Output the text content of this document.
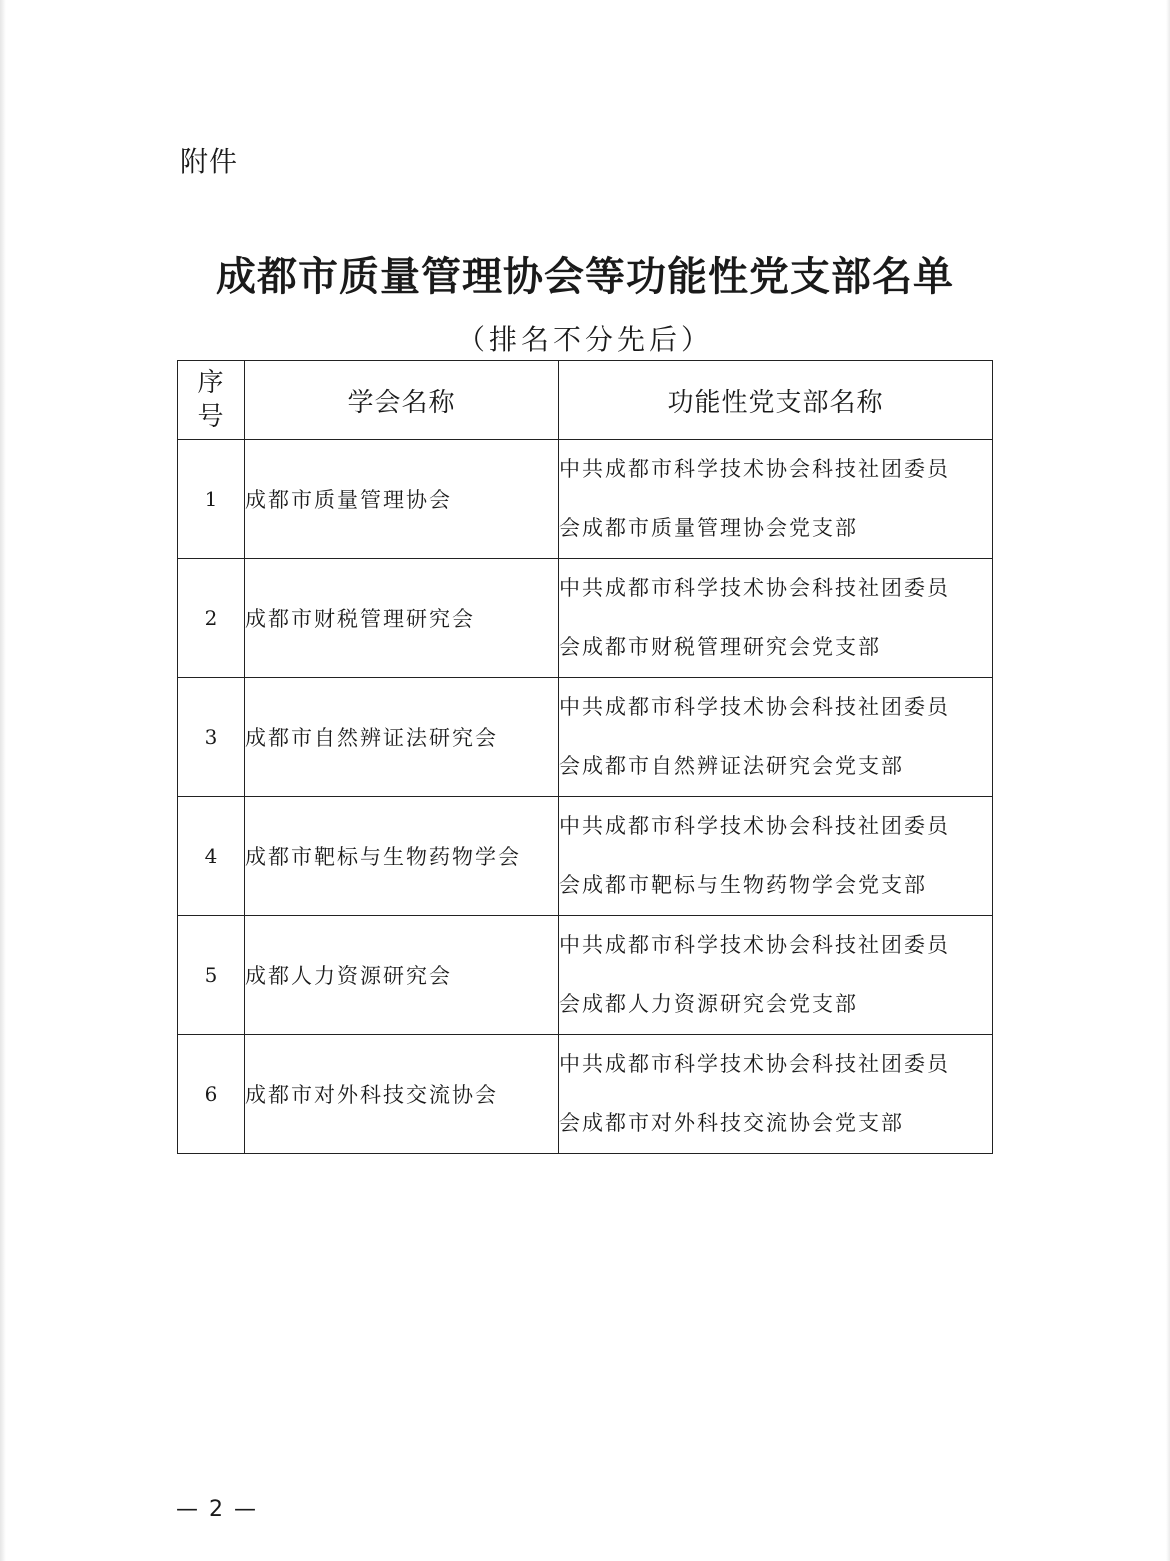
附件
成都市质量管理协会等功能性党支部名单
（排名不分先后）
序
号	学会名称	功能性党支部名称
1	成都市质量管理协会	中共成都市科学技术协会科技社团委员
会成都市质量管理协会党支部

2	成都市财税管理研究会	中共成都市科学技术协会科技社团委员
会成都市财税管理研究会党支部

3	成都市自然辨证法研究会	中共成都市科学技术协会科技社团委员
会成都市自然辨证法研究会党支部

4	成都市靶标与生物药物学会	中共成都市科学技术协会科技社团委员
会成都市靶标与生物药物学会党支部

5	成都人力资源研究会	中共成都市科学技术协会科技社团委员
会成都人力资源研究会党支部

6	成都市对外科技交流协会	中共成都市科学技术协会科技社团委员
会成都市对外科技交流协会党支部
— 2 —
